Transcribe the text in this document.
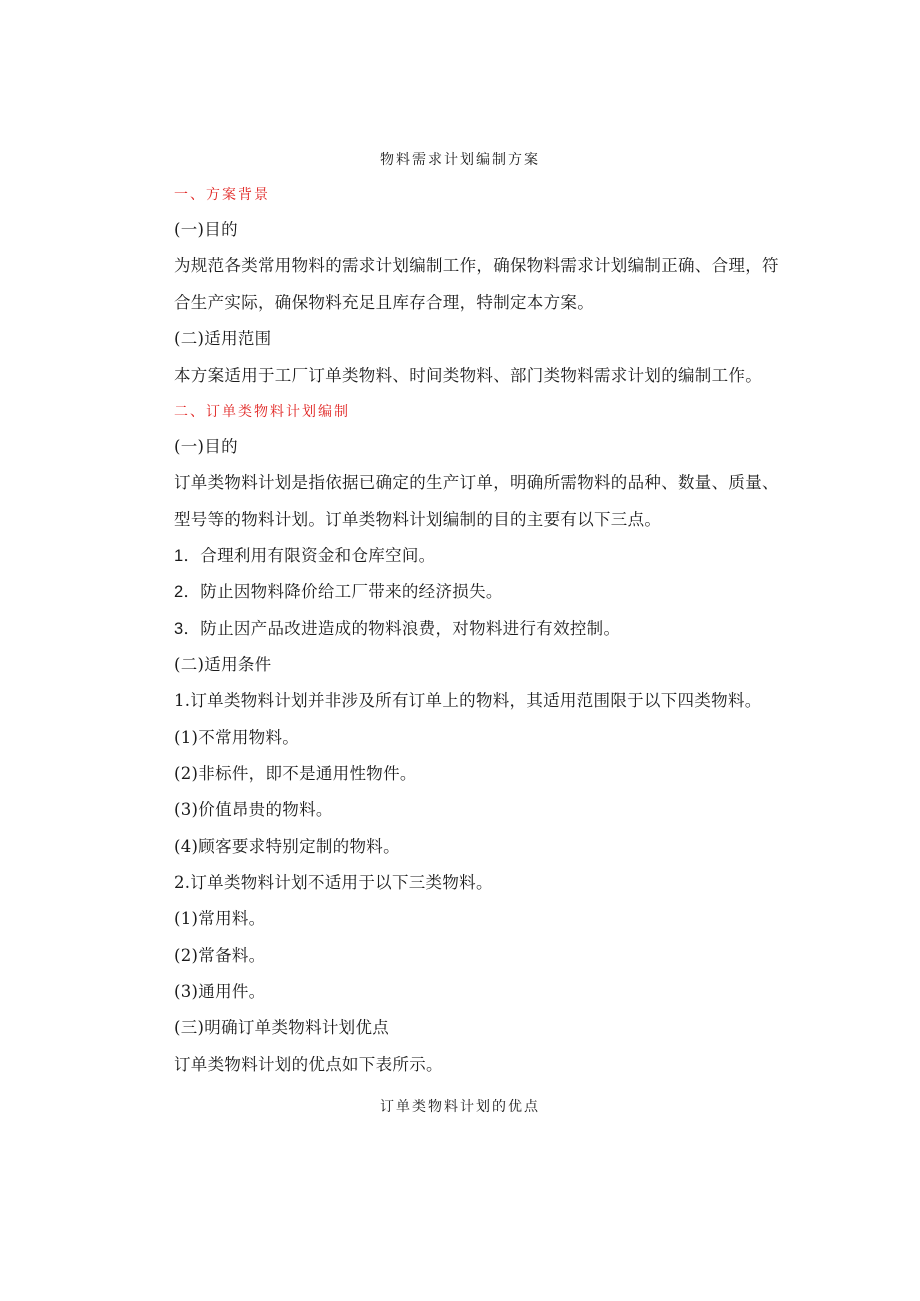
物料需求计划编制方案
一、方案背景
(一)目的
为规范各类常用物料的需求计划编制工作，确保物料需求计划编制正确、合理，符
合生产实际，确保物料充足且库存合理，特制定本方案。
(二)适用范围
本方案适用于工厂订单类物料、时间类物料、部门类物料需求计划的编制工作。
二、订单类物料计划编制
(一)目的
订单类物料计划是指依据已确定的生产订单，明确所需物料的品种、数量、质量、
型号等的物料计划。订单类物料计划编制的目的主要有以下三点。
1．合理利用有限资金和仓库空间。
2．防止因物料降价给工厂带来的经济损失。
3．防止因产品改进造成的物料浪费，对物料进行有效控制。
(二)适用条件
1.订单类物料计划并非涉及所有订单上的物料，其适用范围限于以下四类物料。
(1)不常用物料。
(2)非标件，即不是通用性物件。
(3)价值昂贵的物料。
(4)顾客要求特别定制的物料。
2.订单类物料计划不适用于以下三类物料。
(1)常用料。
(2)常备料。
(3)通用件。
(三)明确订单类物料计划优点
订单类物料计划的优点如下表所示。
订单类物料计划的优点
